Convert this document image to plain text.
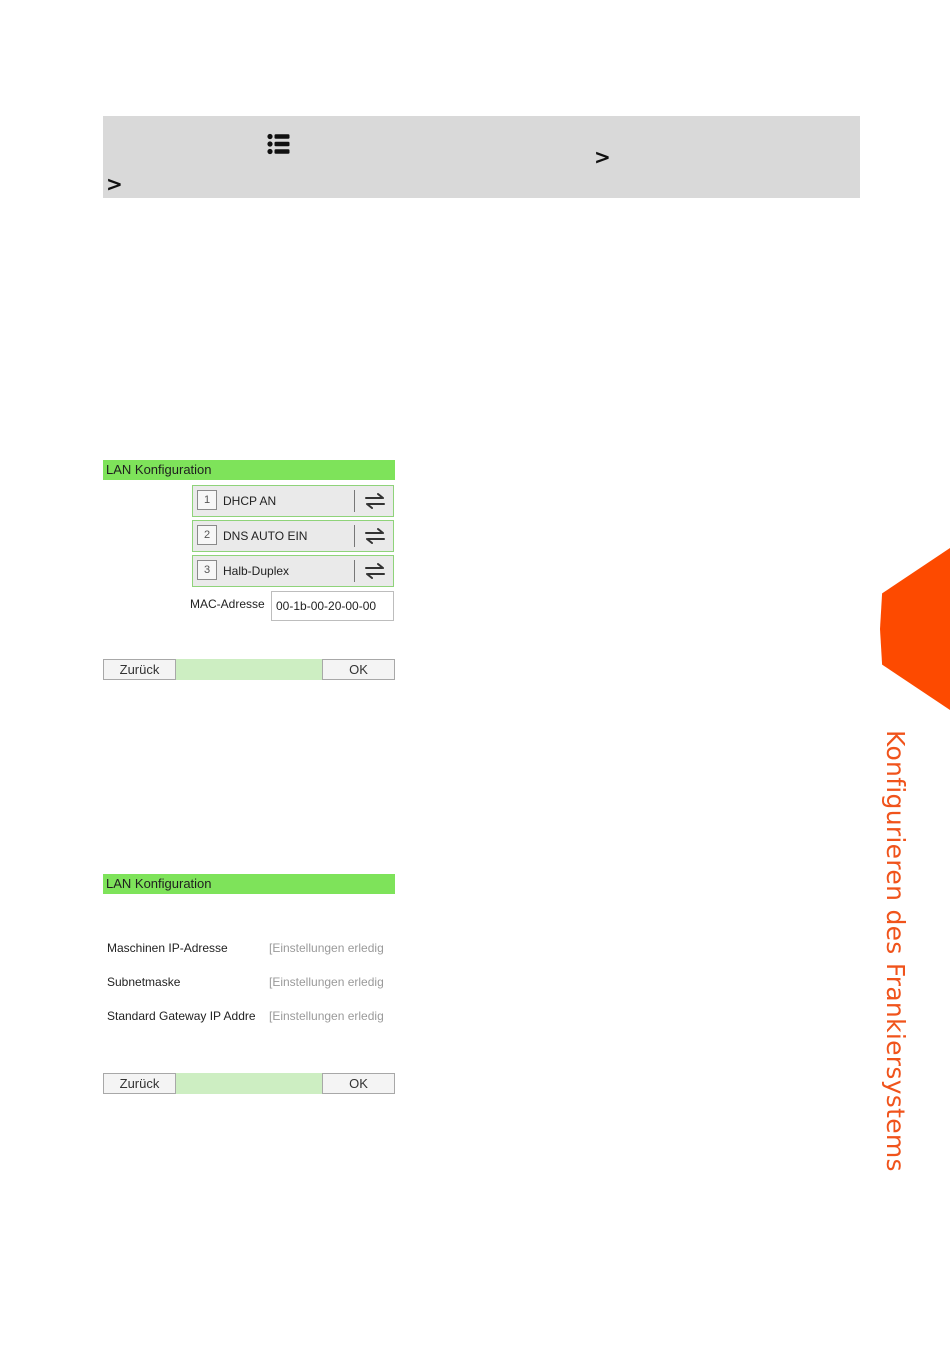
>
>
LAN Konfiguration
1	DHCP AN
2	DNS AUTO EIN
3	Halb-Duplex
MAC-Adresse 00-1b-00-20-00-00
Zurück	OK
LAN Konfiguration
Maschinen IP-Adresse	[Einstellungen erledig
Subnetmaske	[Einstellungen erledig
Standard Gateway IP Addre	[Einstellungen erledig
Zurück	OK	Konfigurieren des Frankiersystems
